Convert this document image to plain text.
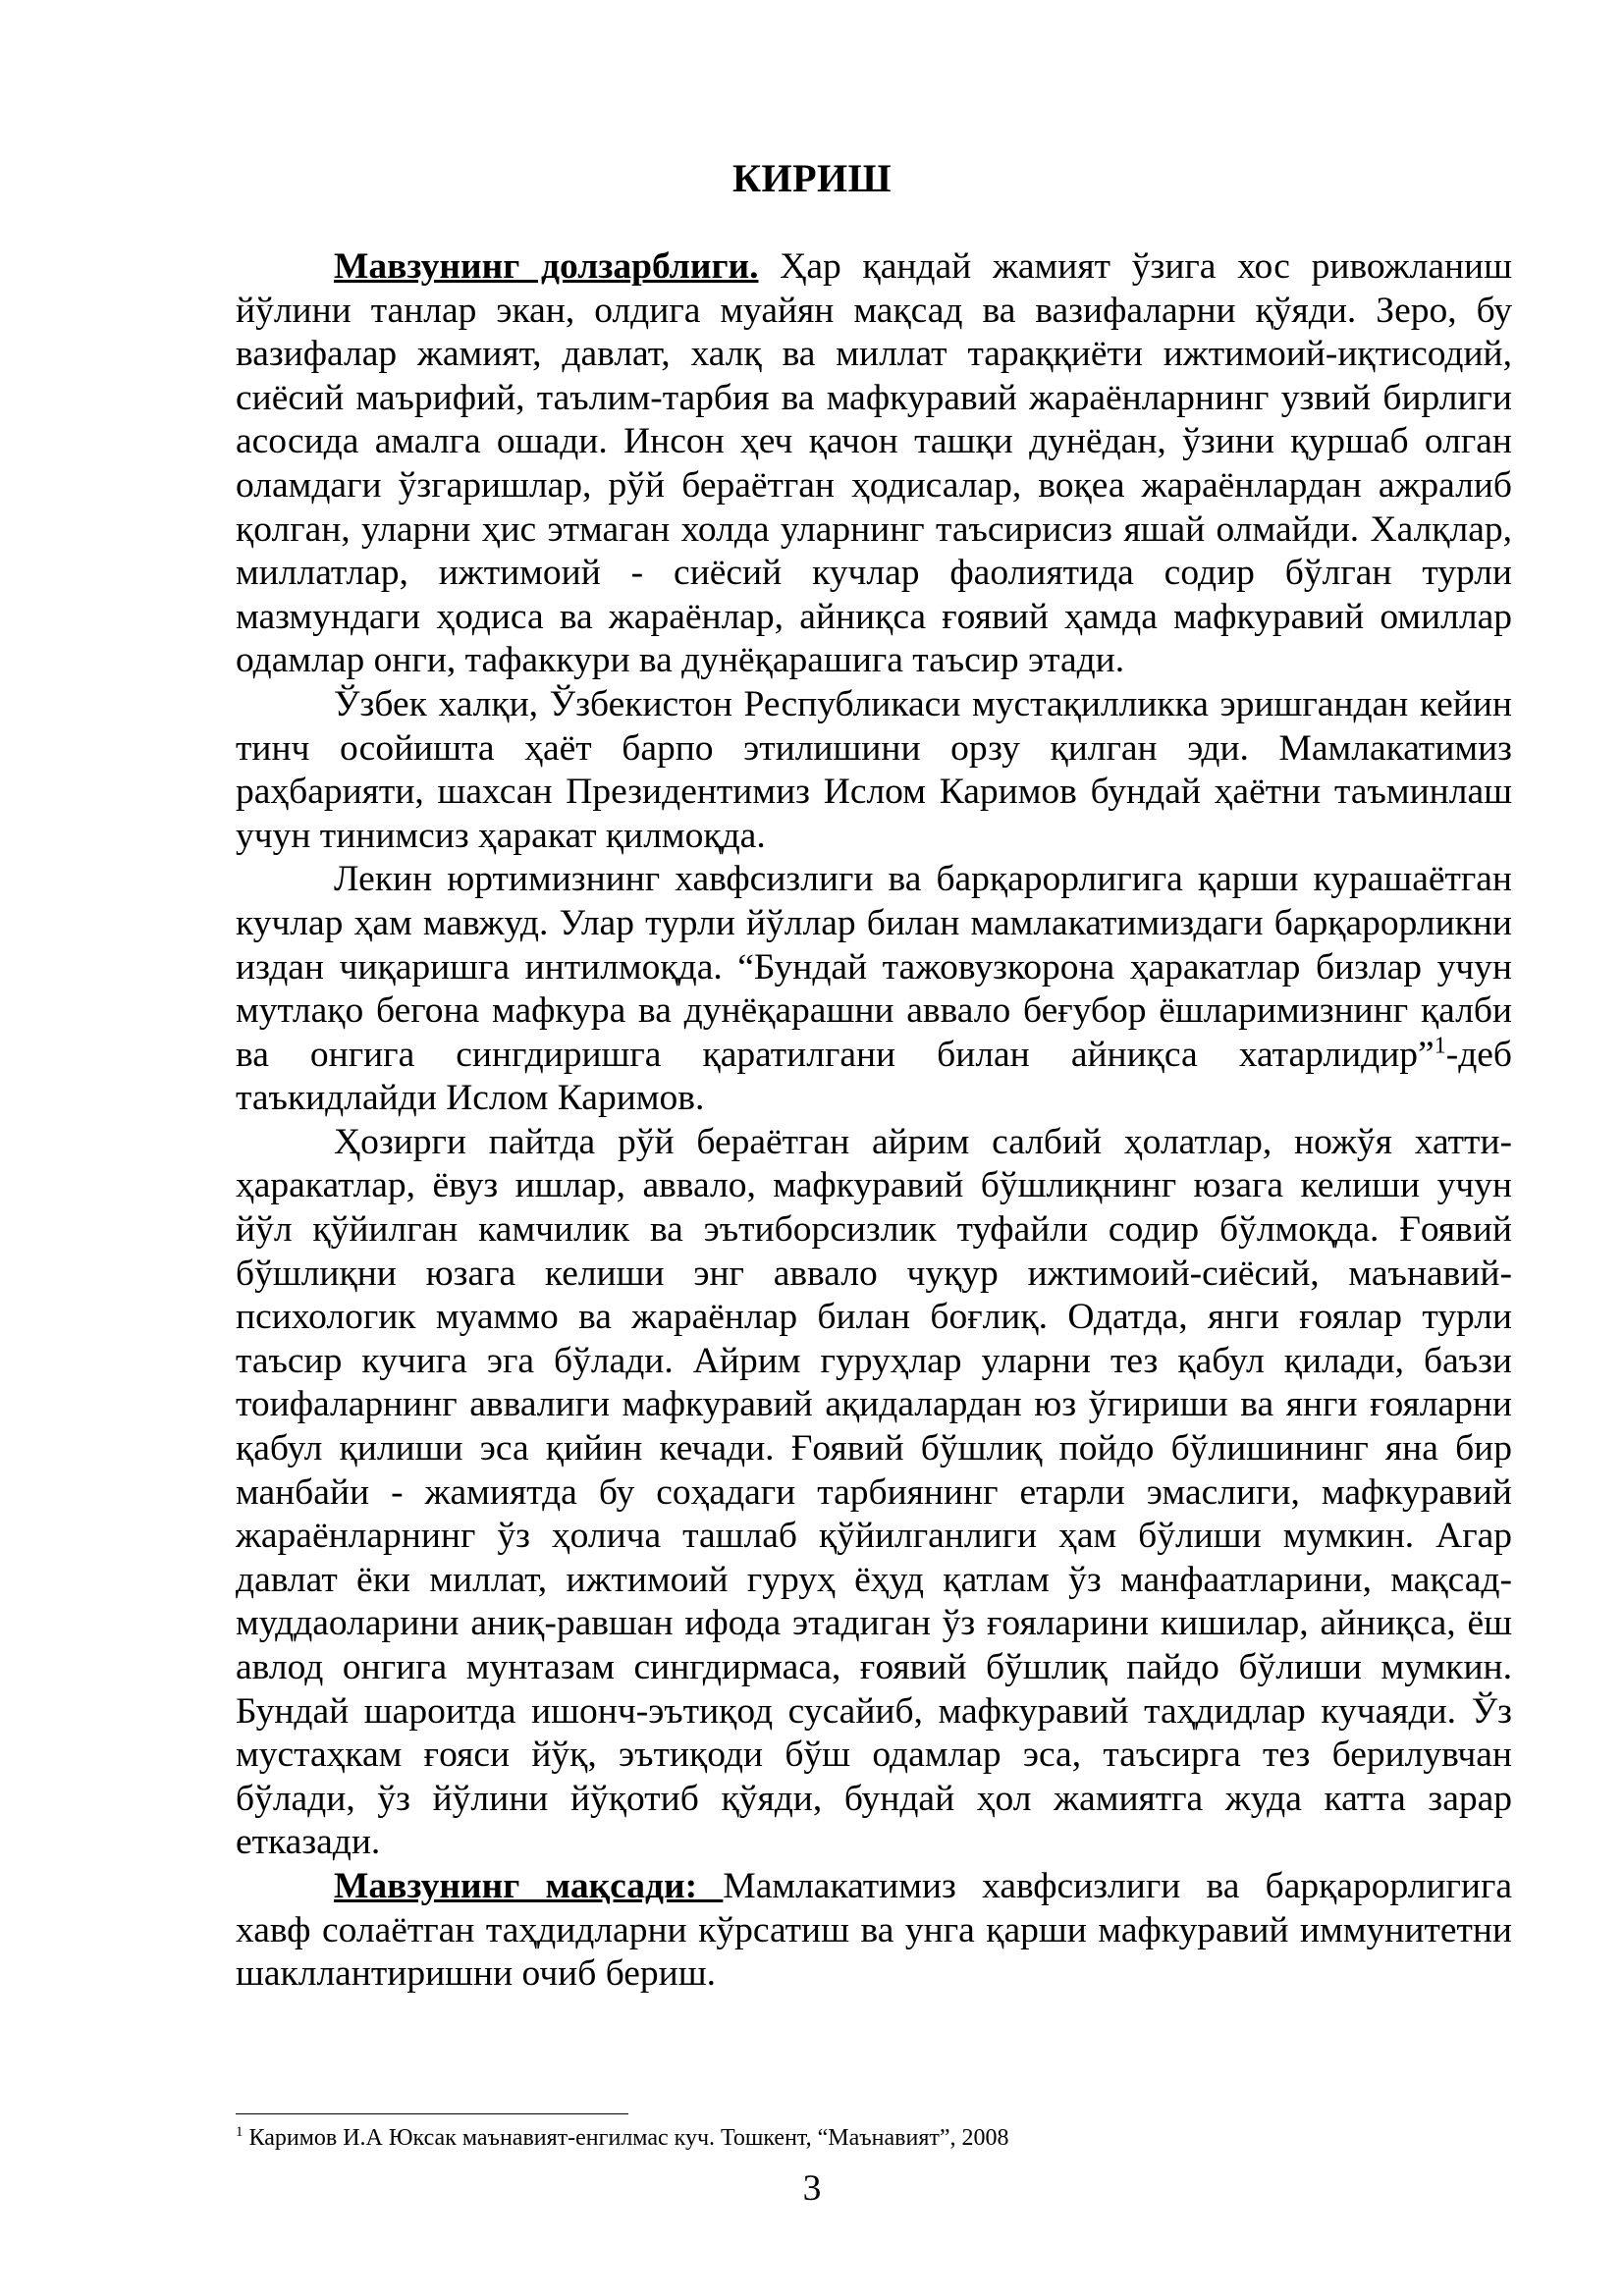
КИРИШ

Мавзунинг долзарблиги. Ҳар қандай жамият ўзига хос ривожланиш йўлини танлар экан, олдига муайян мақсад ва вазифаларни қўяди. Зеро, бу вазифалар жамият, давлат, халқ ва миллат тараққиёти ижтимоий-иқтисодий, сиёсий маърифий, таълим-тарбия ва мафкуравий жараёнларнинг узвий бирлиги асосида амалга ошади. Инсон ҳеч қачон ташқи дунёдан, ўзини қуршаб олган оламдаги ўзгаришлар, рўй бераётган ҳодисалар, воқеа жараёнлардан ажралиб қолган, уларни ҳис этмаган холда уларнинг таъсирисиз яшай олмайди. Халқлар, миллатлар, ижтимоий - сиёсий кучлар фаолиятида содир бўлган турли мазмундаги ҳодиса ва жараёнлар, айниқса ғоявий ҳамда мафкуравий омиллар одамлар онги, тафаккури ва дунёқарашига таъсир этади.

Ўзбек халқи, Ўзбекистон Республикаси мустақилликка эришгандан кейин тинч осойишта ҳаёт барпо этилишини орзу қилган эди. Мамлакатимиз раҳбарияти, шахсан Президентимиз Ислом Каримов бундай ҳаётни таъминлаш учун тинимсиз ҳаракат қилмоқда.

Лекин юртимизнинг хавфсизлиги ва барқарорлигига қарши курашаётган кучлар ҳам мавжуд. Улар турли йўллар билан мамлакатимиздаги барқарорликни издан чиқаришга интилмоқда. “Бундай тажовузкорона ҳаракатлар бизлар учун мутлақо бегона мафкура ва дунёқарашни аввало беғубор ёшларимизнинг қалби ва онгига сингдиришга қаратилгани билан айниқса хатарлидир”$^1$-деб таъкидлайди Ислом Каримов.

Ҳозирги пайтда рўй бераётган айрим салбий ҳолатлар, ножўя хатти-ҳаракатлар, ёвуз ишлар, аввало, мафкуравий бўшлиқнинг юзага келиши учун йўл қўйилган камчилик ва эътиборсизлик туфайли содир бўлмоқда. Ғоявий бўшлиқни юзага келиши энг аввало чуқур ижтимоий-сиёсий, маънавий-психологик муаммо ва жараёнлар билан боғлиқ. Одатда, янги ғоялар турли таъсир кучига эга бўлади. Айрим гуруҳлар уларни тез қабул қилади, баъзи тоифаларнинг аввалиги мафкуравий ақидалардан юз ўгириши ва янги ғояларни қабул қилиши эса қийин кечади. Ғоявий бўшлиқ пойдо бўлишининг яна бир манбайи - жамиятда бу соҳадаги тарбиянинг етарли эмаслиги, мафкуравий жараёнларнинг ўз ҳолича ташлаб қўйилганлиги ҳам бўлиши мумкин. Агар давлат ёки миллат, ижтимоий гуруҳ ёҳуд қатлам ўз манфаатларини, мақсад-муддаоларини аниқ-равшан ифода этадиган ўз ғояларини кишилар, айниқса, ёш авлод онгига мунтазам сингдирмаса, ғоявий бўшлиқ пайдо бўлиши мумкин. Бундай шароитда ишонч-эътиқод сусайиб, мафкуравий таҳдидлар кучаяди. Ўз мустаҳкам ғояси йўқ, эътиқоди бўш одамлар эса, таъсирга тез берилувчан бўлади, ўз йўлини йўқотиб қўяди, бундай ҳол жамиятга жуда катта зарар етказади.

Мавзунинг мақсади: Мамлакатимиз хавфсизлиги ва барқарорлигига хавф солаётган таҳдидларни кўрсатиш ва унга қарши мафкуравий иммунитетни шакллантиришни очиб бериш.

$^1$ Каримов И.А Юксак маънавият-енгилмас куч. Тошкент, “Маънавият”, 2008
3
